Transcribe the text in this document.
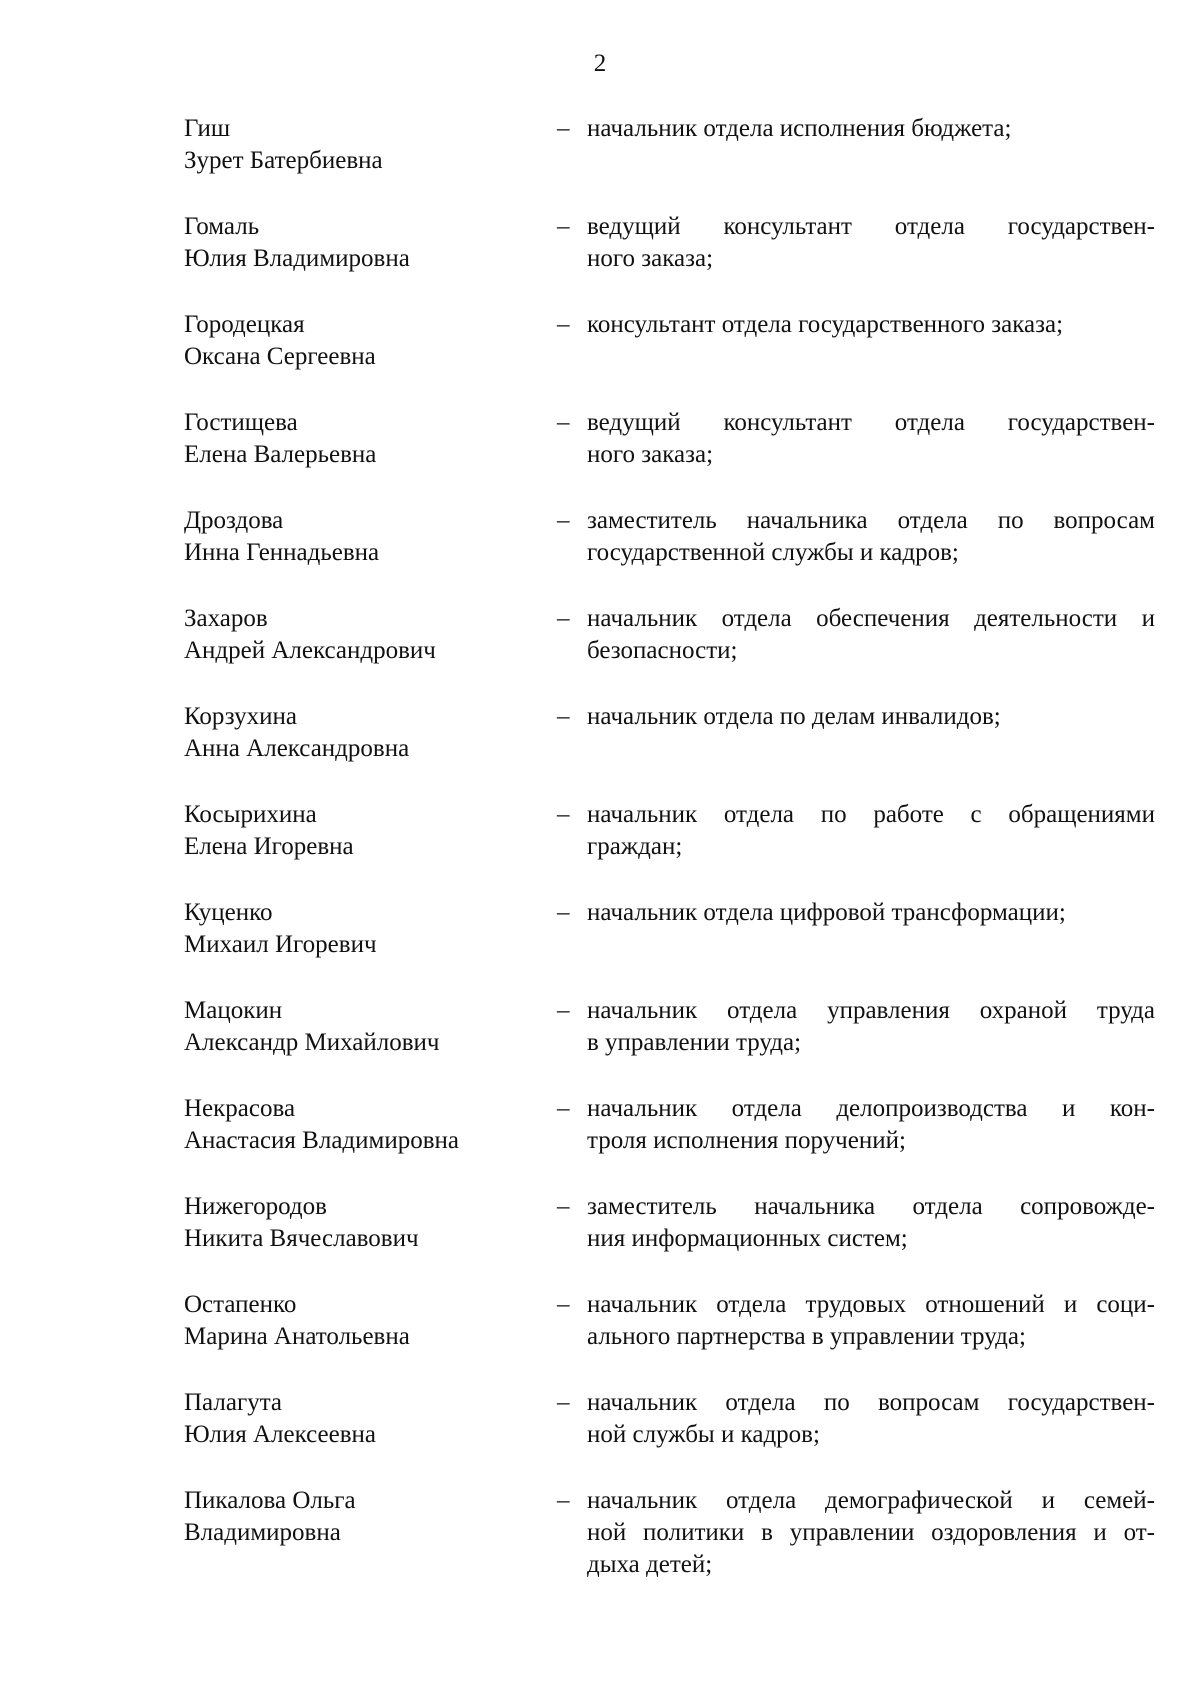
2
Гиш
Зурет Батербиевна
– начальник отдела исполнения бюджета;
Гомаль
Юлия Владимировна
– ведущий консультант отдела государствен-
ного заказа;
Городецкая
Оксана Сергеевна
– консультант отдела государственного заказа;
Гостищева
Елена Валерьевна
– ведущий консультант отдела государствен-
ного заказа;
Дроздова
Инна Геннадьевна
– заместитель начальника отдела по вопросам
государственной службы и кадров;
Захаров
Андрей Александрович
– начальник отдела обеспечения деятельности и
безопасности;
Корзухина
Анна Александровна
– начальник отдела по делам инвалидов;
Косырихина
Елена Игоревна
– начальник отдела по работе с обращениями
граждан;
Куценко
Михаил Игоревич
– начальник отдела цифровой трансформации;
Мацокин
Александр Михайлович
– начальник отдела управления охраной труда
в управлении труда;
Некрасова
Анастасия Владимировна
– начальник отдела делопроизводства и кон-
троля исполнения поручений;
Нижегородов
Никита Вячеславович
– заместитель начальника отдела сопровожде-
ния информационных систем;
Остапенко
Марина Анатольевна
– начальник отдела трудовых отношений и соци-
ального партнерства в управлении труда;
Палагута
Юлия Алексеевна
– начальник отдела по вопросам государствен-
ной службы и кадров;
Пикалова Ольга
Владимировна
– начальник отдела демографической и семей-
ной политики в управлении оздоровления и от-
дыха детей;
